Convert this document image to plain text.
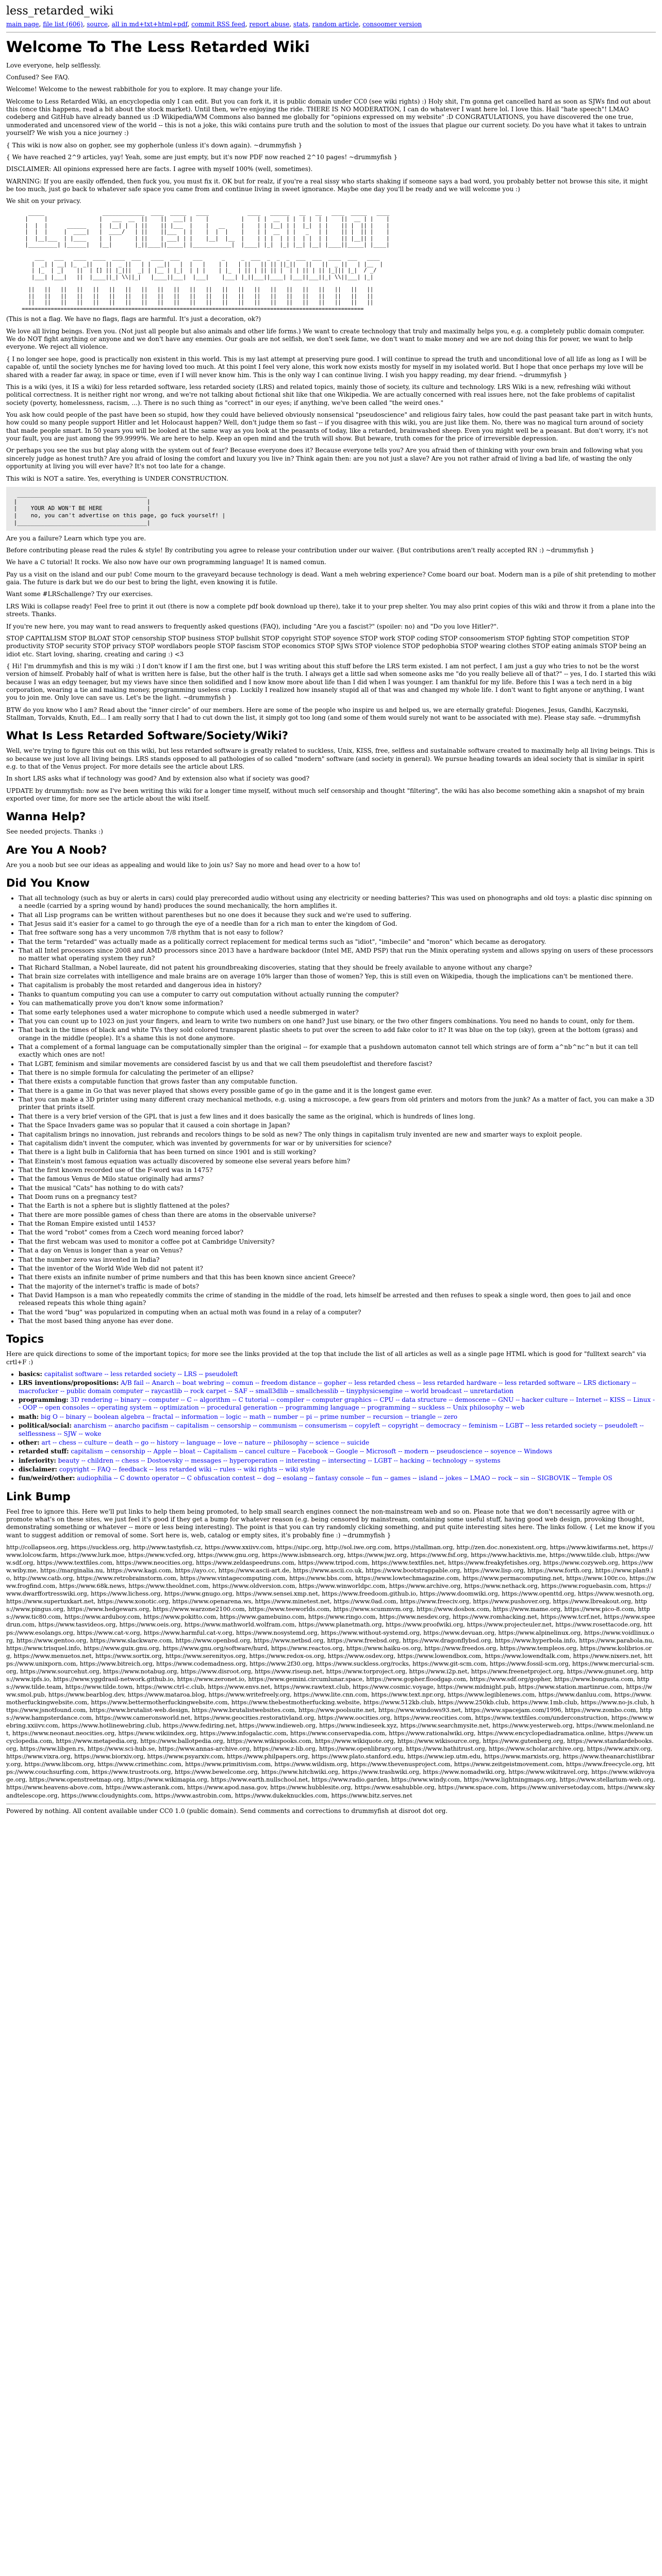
less_retarded_wiki
main page, file list (606), source, all in md+txt+html+pdf, commit RSS feed, report abuse, stats, random article, consoomer version
Welcome To The Less Retarded Wiki

Love everyone, help selflessly.

Confused? See FAQ.

Welcome! Welcome to the newest rabbithole for you to explore. It may change your life.

Welcome to Less Retarded Wiki, an encyclopedia only I can edit. But you can fork it, it is public domain under CC0 (see wiki rights) :) Holy shit, I'm gonna get cancelled hard as soon as SJWs find out about this (once this happens, read a bit about the stock market). Until then, we're enjoying the ride. THERE IS NO MODERATION, I can do whatever I want here lol. I love this. Hail "hate speech"! LMAO codeberg and GitHub have already banned us :D Wikipedia/WM Commons also banned me globally for "opinions expressed on my website" :D CONGRATULATIONS, you have discovered the one true, unmoderated and uncensored view of the world -- this is not a joke, this wiki contains pure truth and the solution to most of the issues that plague our current society. Do you have what it takes to untrain yourself? We wish you a nice journey :)

{ This wiki is now also on gopher, see my gopherhole (unless it's down again). ~drummyfish }

{ We have reached 2^9 articles, yay! Yeah, some are just empty, but it's now PDF now reached 2^10 pages! ~drummyfish }

DISCLAIMER: All opinions expressed here are facts. I agree with myself 100% (well, sometimes).

WARNING: If you are easily offended, then fuck you, you must fix it. OK but for realz, if you're a real sissy who starts shaking if someone says a bad word, you probably better not browse this site, it might be too much, just go back to whatever safe space you came from and continue living in sweet ignorance. Maybe one day you'll be ready and we will welcome you :)

We shit on your privacy.

_____                  _____________  ____  _____   ____            ____   ______   __   __   ____  _____   ____
|     |                |   ___  __  ||    ||  ___| |    |          |    | |  __  | |  | |  | |    ||  __ | |    |
|  |  |      ______    |  |__| |  | ||    || |___  |    |   __     |    | | |__| | |  |_|  | |    || |  || |    |
|  |  |     |  ____|   |  ____/   | ||    ||___  | |    |  |  |    |    | |  __  | |   _   | |    || |  || |    |
|  |__|___  | |____    |  |       | ||    | ___| | |    |__|  |__  |    | | |  | | |  | |  | |    || |__|| |    |
|_________| |______|   |__|       |_||____||_____| |____________|  |____| |_|  |_| |__| |__| |____||_____| |____|

___   ___   ____  ____  ____  ___   ____  ___    ___      _     _  ___  _  _  _  ___  ___  ____  ___   ____
|  _| | __| |_  _||    ||  _ ||   | |  __||   |  |   |    | |   | ||   || || ||_||   ||   ||  _ ||   | |__  |
| |_  | _|    ||  | [] || |_|||  _| | |__ | |_|  | | |    | |_  | || | || || |  | | || | || |_||| |_|  / _/
|___| |___|   ||  |____||_| \\||_|   |____||___|  |___|    |___| |_||___||____| |___||___||_| \\||___| |_|

||   ||   ||   ||   ||   ||   ||   ||   ||   ||   ||   ||   ||   ||   ||   ||   ||   ||   ||   ||   ||   ||
||   ||   ||   ||   ||   ||   ||   ||   ||   ||   ||   ||   ||   ||   ||   ||   ||   ||   ||   ||   ||   ||
||   ||   ||   ||   ||   ||   ||   ||   ||   ||   ||   ||   ||   ||   ||   ||   ||   ||   ||   ||   ||   ||
==========================================================================================================

(This is not a flag. We have no flags, flags are harmful. It's just a decoration, ok?)

We love all living beings. Even you. (Not just all people but also animals and other life forms.) We want to create technology that truly and maximally helps you, e.g. a completely public domain computer. We do NOT fight anything or anyone and we don't have any enemies. Our goals are not selfish, we don't seek fame, we don't want to make money and we are not doing this for power, we want to help everyone. We reject all violence.

{ I no longer see hope, good is practically non existent in this world. This is my last attempt at preserving pure good. I will continue to spread the truth and unconditional love of all life as long as I will be capable of, until the society lynches me for having loved too much. At this point I feel very alone, this work now exists mostly for myself in my isolated world. But I hope that once perhaps my love will be shared with a reader far away, in space or time, even if I will never know him. This is the only way I can continue living. I wish you happy reading, my dear friend. ~drummyfish }

This is a wiki (yes, it IS a wiki) for less retarded software, less retarded society (LRS) and related topics, mainly those of society, its culture and technology. LRS Wiki is a new, refreshing wiki without political correctness. It is neither right nor wrong, and we're not talking about fictional shit like that one Wikipedia. We are actually concerned with real issues here, not the fake problems of capitalist society (poverty, homelessness, racism, ...). There is no such thing as "correct" in our eyes; if anything, we've been called "the weird ones."

You ask how could people of the past have been so stupid, how they could have believed obviously nonsensical "pseudoscience" and religious fairy tales, how could the past peasant take part in witch hunts, how could so many people support Hitler and let Holocaust happen? Well, don't judge them so fast -- if you disagree with this wiki, you are just like them. No, there was no magical turn around of society that made people smart. In 50 years you will be looked at the same way as you look at the peasants of today, like a retarded, brainwashed sheep. Even you might well be a peasant. But don't worry, it's not your fault, you are just among the 99.9999%. We are here to help. Keep an open mind and the truth will show. But beware, truth comes for the price of irreversible depression.

Or perhaps you see the sus but play along with the system out of fear? Because everyone does it? Because everyone tells you? Are you afraid then of thinking with your own brain and following what you sincerely judge as honest truth? Are you afraid of losing the comfort and luxury you live in? Think again then: are you not just a slave? Are you not rather afraid of living a bad life, of wasting the only opportunity at living you will ever have? It's not too late for a change.

This wiki is NOT a satire. Yes, everything is UNDER CONSTRUCTION.

______________________________________
|                                      |
|    YOUR AD WON'T BE HERE             |
|    no, you can't advertise on this page, go fuck yourself! |
|______________________________________|

Are you a failure? Learn which type you are.

Before contributing please read the rules & style! By contributing you agree to release your contribution under our waiver. {But contributions aren't really accepted RN :) ~drummyfish }

We have a C tutorial! It rocks. We also now have our own programming language! It is named comun.

Pay us a visit on the island and our pub! Come mourn to the graveyard because technology is dead. Want a meh webring experience? Come board our boat. Modern man is a pile of shit pretending to mother gaia. The future is dark but we do our best to bring the light, even knowing it is futile.

Want some #LRSchallenge? Try our exercises.

LRS Wiki is collapse ready! Feel free to print it out (there is now a complete pdf book download up there), take it to your prep shelter. You may also print copies of this wiki and throw it from a plane into the streets. Thanks.

If you're new here, you may want to read answers to frequently asked questions (FAQ), including "Are you a fascist?" (spoiler: no) and "Do you love Hitler?".

STOP CAPITALISM STOP BLOAT STOP censorship STOP business STOP bullshit STOP copyright STOP soyence STOP work STOP coding STOP consoomerism STOP fighting STOP competition STOP productivity STOP security STOP privacy STOP wordlabors people STOP fascism STOP economics STOP SJWs STOP violence STOP pedophobia STOP wearing clothes STOP eating animals STOP being an idiot etc. Start loving, sharing, creating and caring :) <3

{ Hi! I'm drummyfish and this is my wiki :) I don't know if I am the first one, but I was writing about this stuff before the LRS term existed. I am not perfect, I am just a guy who tries to not be the worst version of himself. Probably half of what is written here is false, but the other half is the truth. I always get a little sad when someone asks me "do you really believe all of that?" -- yes, I do. I started this wiki because I was an edgy teenager, but my views have since then solidified and I now know more about life than I did when I was younger. I am thankful for my life. Before this I was a tech nerd in a big corporation, wearing a tie and making money, programming useless crap. Luckily I realized how insanely stupid all of that was and changed my whole life. I don't want to fight anyone or anything, I want you to join me. Only love can save us. Let's be the light. ~drummyfish }

BTW do you know who I am? Read about the "inner circle" of our members. Here are some of the people who inspire us and helped us, we are eternally grateful: Diogenes, Jesus, Gandhi, Kaczynski, Stallman, Torvalds, Knuth, Ed... I am really sorry that I had to cut down the list, it simply got too long (and some of them would surely not want to be associated with me). Please stay safe. ~drummyfish

What Is Less Retarded Software/Society/Wiki?

Well, we're trying to figure this out on this wiki, but less retarded software is greatly related to suckless, Unix, KISS, free, selfless and sustainable software created to maximally help all living beings. This is so because we just love all living beings. LRS stands opposed to all pathologies of so called "modern" software (and society in general). We pursue heading towards an ideal society that is similar in spirit e.g. to that of the Venus project. For more details see the article about LRS.

In short LRS asks what if technology was good? And by extension also what if society was good?

UPDATE by drummyfish: now as I've been writing this wiki for a longer time myself, without much self censorship and thought "filtering", the wiki has also become something akin a snapshot of my brain exported over time, for more see the article about the wiki itself.

Wanna Help?

See needed projects. Thanks :)

Are You A Noob?

Are you a noob but see our ideas as appealing and would like to join us? Say no more and head over to a how to!

Did You Know
• That all technology (such as buy or alerts in cars) could play prerecorded audio without using any electricity or needing batteries? This was used on phonographs and old toys: a plastic disc spinning on a needle (carried by a spring wound by hand) produces the sound mechanically, the horn amplifies it.
• That all Lisp programs can be written without parentheses but no one does it because they suck and we're used to suffering.
• That Jesus said it's easier for a camel to go through the eye of a needle than for a rich man to enter the kingdom of God.
• That free software song has a very uncommon 7/8 rhythm that is not easy to follow?
• That the term "retarded" was actually made as a politically correct replacement for medical terms such as "idiot", "imbecile" and "moron" which became as derogatory.
• That all Intel processors since 2008 and AMD processors since 2013 have a hardware backdoor (Intel ME, AMD PSP) that run the Minix operating system and allows spying on users of these processors no matter what operating system they run?
• That Richard Stallman, a Nobel laureate, did not patent his groundbreaking discoveries, stating that they should be freely available to anyone without any charge?
• That brain size correlates with intelligence and male brains are on average 10% larger than those of women? Yep, this is still even on Wikipedia, though the implications can't be mentioned there.
• That capitalism is probably the most retarded and dangerous idea in history?
• Thanks to quantum computing you can use a computer to carry out computation without actually running the computer?
• You can mathematically prove you don't know some information?
• That some early telephones used a water microphone to compute which used a needle submerged in water?
• That you can count up to 1023 on just your fingers, and learn to write two numbers on one hand? Just use binary, or the two other fingers combinations. You need no hands to count, only for them.
• That back in the times of black and white TVs they sold colored transparent plastic sheets to put over the screen to add fake color to it? It was blue on the top (sky), green at the bottom (grass) and orange in the middle (people). It's a shame this is not done anymore.
• That a complement of a formal language can be computationally simpler than the original -- for example that a pushdown automaton cannot tell which strings are of form a^nb^nc^n but it can tell exactly which ones are not!
• That LGBT, feminism and similar movements are considered fascist by us and that we call them pseudoleftist and therefore fascist?
• That there is no simple formula for calculating the perimeter of an ellipse?
• That there exists a computable function that grows faster than any computable function.
• That there is a game in Go that was never played that shows every possible game of go in the game and it is the longest game ever.
• That you can make a 3D printer using many different crazy mechanical methods, e.g. using a microscope, a few gears from old printers and motors from the junk? As a matter of fact, you can make a 3D printer that prints itself.
• That there is a very brief version of the GPL that is just a few lines and it does basically the same as the original, which is hundreds of lines long.
• That the Space Invaders game was so popular that it caused a coin shortage in Japan?
• That capitalism brings no innovation, just rebrands and recolors things to be sold as new? The only things in capitalism truly invented are new and smarter ways to exploit people.
• That capitalism didn't invent the computer, which was invented by governments for war or by universities for science?
• That there is a light bulb in California that has been turned on since 1901 and is still working?
• That Einstein's most famous equation was actually discovered by someone else several years before him?
• That the first known recorded use of the F-word was in 1475?
• That the famous Venus de Milo statue originally had arms?
• That the musical "Cats" has nothing to do with cats?
• That Doom runs on a pregnancy test?
• That the Earth is not a sphere but is slightly flattened at the poles?
• That there are more possible games of chess than there are atoms in the observable universe?
• That the Roman Empire existed until 1453?
• That the word "robot" comes from a Czech word meaning forced labor?
• That the first webcam was used to monitor a coffee pot at Cambridge University?
• That a day on Venus is longer than a year on Venus?
• That the number zero was invented in India?
• That the inventor of the World Wide Web did not patent it?
• That there exists an infinite number of prime numbers and that this has been known since ancient Greece?
• That the majority of the internet's traffic is made of bots?
• That David Hampson is a man who repeatedly commits the crime of standing in the middle of the road, lets himself be arrested and then refuses to speak a single word, then goes to jail and once released repeats this whole thing again?
• That the word "bug" was popularized in computing when an actual moth was found in a relay of a computer?
• That the most based thing anyone has ever done.
Topics

Here are quick directions to some of the important topics; for more see the links provided at the top that include the list of all articles as well as a single page HTML which is good for "fulltext search" via crtl+F :)

• basics: capitalist software -- less retarded society -- LRS -- pseudoleft
• LRS inventions/propositions: A/B fail -- Anarch -- boat webring -- comun -- freedom distance -- gopher -- less retarded chess -- less retarded hardware -- less retarded software -- LRS dictionary -- macrofucker -- public domain computer -- raycastlib -- rock carpet -- SAF -- small3dlib -- smallchesslib -- tinyphysicsengine -- world broadcast -- unretardation
• programming: 3D rendering -- binary -- computer -- C -- algorithm -- C tutorial -- compiler -- computer graphics -- CPU -- data structure -- demoscene -- GNU -- hacker culture -- Internet -- KISS -- Linux -- OOP -- open consoles -- operating system -- optimization -- procedural generation -- programming language -- programming -- suckless -- Unix philosophy -- web
• math: big O -- binary -- boolean algebra -- fractal -- information -- logic -- math -- number -- pi -- prime number -- recursion -- triangle -- zero
• political/social: anarchism -- anarcho pacifism -- capitalism -- censorship -- communism -- consumerism -- copyleft -- copyright -- democracy -- feminism -- LGBT -- less retarded society -- pseudoleft -- selflessness -- SJW -- woke
• other: art -- chess -- culture -- death -- go -- history -- language -- love -- nature -- philosophy -- science -- suicide
• retarded stuff: capitalism -- censorship -- Apple -- bloat -- Capitalism -- cancel culture -- Facebook -- Google -- Microsoft -- modern -- pseudoscience -- soyence -- Windows
• inferiority: beauty -- children -- chess -- Dostoevsky -- messages -- hyperoperation -- interesting -- intersecting -- LGBT -- hacking -- technology -- systems
• disclaimer: copyright -- FAQ -- feedback -- less retarded wiki -- rules -- wiki rights -- wiki style
• fun/weird/other: audiophilia -- C downto operator -- C obfuscation contest -- dog -- esolang -- fantasy console -- fun -- games -- island -- jokes -- LMAO -- rock -- sin -- SIGBOVIK -- Temple OS
Link Bump

Feel free to ignore this. Here we'll put links to help them being promoted, to help small search engines connect the non-mainstream web and so on. Please note that we don't necessarily agree with or promote what's on these sites, we just feel it's good if they get a bump for whatever reason (e.g. being censored by mainstream, containing some useful stuff, having good web design, provoking thought, demonstrating something or whatever -- more or less being interesting). The point is that you can try randomly clicking something, and put quite interesting sites here. The links follow. { Let me know if you want to suggest addition or removal of some. Sort here is, web, catalog or empty sites, it's probably fine :) ~drummyfish }

http://collapseos.org, https://suckless.org, http://www.tastyfish.cz, https://www.xxiivv.com, https://sipc.org, http://sol.iwe.org.com, https://stallman.org, http://zen.doc.nonexistent.org, https://www.kiwifarms.net, https://www.lolcow.farm, https://www.lurk.moe, https://www.vcfed.org, https://www.gnu.org, https://www.isbnsearch.org, https://www.jwz.org, https://www.fsf.org, https://www.hacktivis.me, https://www.tilde.club, https://www.sdf.org, https://www.textfiles.com, https://www.neocities.org, https://www.zeldaspeedruns.com, https://www.tripod.com, https://www.textfiles.net, https://www.freakyfetishes.org, https://www.cozyweb.org, https://www.wiby.me, https://marginalia.nu, https://www.kagi.com, https://ayo.cc, https://www.ascii-art.de, https://www.ascii.co.uk, https://www.bootstrappable.org, https://www.lisp.org, https://www.forth.org, https://www.plan9.io, http://www.catb.org, https://www.retrobrainstorm.com, https://www.vintagecomputing.com, https://www.bbs.com, https://www.lowtechmagazine.com, https://www.permacomputing.net, https://www.100r.co, https://www.frogfind.com, https://www.68k.news, https://www.theoldnet.com, https://www.oldversion.com, https://www.winworldpc.com, https://www.archive.org, https://www.nethack.org, https://www.roguebasin.com, https://www.dwarffortresswiki.org, https://www.lichess.org, https://www.gnugo.org, https://www.sensei.xmp.net, https://www.freedoom.github.io, https://www.doomwiki.org, https://www.openttd.org, https://www.wesnoth.org, https://www.supertuxkart.net, https://www.xonotic.org, https://www.openarena.ws, https://www.minetest.net, https://www.0ad.com, https://www.freeciv.org, https://www.pushover.org, https://www.lbreakout.org, https://www.pingus.org, https://www.hedgewars.org, https://www.warzone2100.com, https://www.teeworlds.com, https://www.scummvm.org, https://www.dosbox.com, https://www.mame.org, https://www.pico-8.com, https://www.tic80.com, https://www.arduboy.com, https://www.pokitto.com, https://www.gamebuino.com, https://www.ringo.com, https://www.nesdev.org, https://www.romhacking.net, https://www.tcrf.net, https://www.speedrun.com, https://www.tasvideos.org, https://www.oeis.org, https://www.mathworld.wolfram.com, https://www.planetmath.org, https://www.proofwiki.org, https://www.projecteuler.net, https://www.rosettacode.org, https://www.esolangs.org, https://www.cat-v.org, https://www.harmful.cat-v.org, https://www.nosystemd.org, https://www.without-systemd.org, https://www.devuan.org, https://www.alpinelinux.org, https://www.voidlinux.org, https://www.gentoo.org, https://www.slackware.com, https://www.openbsd.org, https://www.netbsd.org, https://www.freebsd.org, https://www.dragonflybsd.org, https://www.hyperbola.info, https://www.parabola.nu, https://www.trisquel.info, https://www.guix.gnu.org, https://www.gnu.org/software/hurd, https://www.reactos.org, https://www.haiku-os.org, https://www.freedos.org, https://www.templeos.org, https://www.kolibrios.org, https://www.menuetos.net, https://www.sortix.org, https://www.serenityos.org, https://www.redox-os.org, https://www.osdev.org, https://www.lowendbox.com, https://www.lowendtalk.com, https://www.nixers.net, https://www.unixporn.com, https://www.bitreich.org, https://www.codemadness.org, https://www.2f30.org, https://www.suckless.org/rocks, https://www.git-scm.com, https://www.fossil-scm.org, https://www.mercurial-scm.org, https://www.sourcehut.org, https://www.notabug.org, https://www.disroot.org, https://www.riseup.net, https://www.torproject.org, https://www.i2p.net, https://www.freenetproject.org, https://www.gnunet.org, https://www.ipfs.io, https://www.yggdrasil-network.github.io, https://www.zeronet.io, https://www.gemini.circumlunar.space, https://www.gopher.floodgap.com, https://www.sdf.org/gopher, https://www.bongusta.com, https://www.tilde.team, https://www.tilde.town, https://www.ctrl-c.club, https://www.envs.net, https://www.rawtext.club, https://www.cosmic.voyage, https://www.midnight.pub, https://www.station.martinrue.com, https://www.smol.pub, https://www.bearblog.dev, https://www.mataroa.blog, https://www.writefreely.org, https://www.lite.cnn.com, https://www.text.npr.org, https://www.legiblenews.com, https://www.danluu.com, https://www.motherfuckingwebsite.com, https://www.bettermotherfuckingwebsite.com, https://www.thebestmotherfucking.website, https://www.512kb.club, https://www.250kb.club, https://www.1mb.club, https://www.no-js.club, https://www.jsnotfound.com, https://www.brutalist-web.design, https://www.brutalistwebsites.com, https://www.poolsuite.net, https://www.windows93.net, https://www.spacejam.com/1996, https://www.zombo.com, https://www.hampsterdance.com, https://www.cameronsworld.net, https://www.geocities.restorativland.org, https://www.oocities.org, https://www.reocities.com, https://www.textfiles.com/underconstruction, https://www.webring.xxiivv.com, https://www.hotlinewebring.club, https://www.fediring.net, https://www.indieweb.org, https://www.indieseek.xyz, https://www.searchmysite.net, https://www.yesterweb.org, https://www.melonland.net, https://www.neonaut.neocities.org, https://www.wikiindex.org, https://www.infogalactic.com, https://www.conservapedia.com, https://www.rationalwiki.org, https://www.encyclopediadramatica.online, https://www.uncyclopedia.com, https://www.metapedia.org, https://www.ballotpedia.org, https://www.wikispooks.com, https://www.wikiquote.org, https://www.wikisource.org, https://www.gutenberg.org, https://www.standardebooks.org, https://www.libgen.rs, https://www.sci-hub.se, https://www.annas-archive.org, https://www.z-lib.org, https://www.openlibrary.org, https://www.hathitrust.org, https://www.scholar.archive.org, https://www.arxiv.org, https://www.vixra.org, https://www.biorxiv.org, https://www.psyarxiv.com, https://www.philpapers.org, https://www.plato.stanford.edu, https://www.iep.utm.edu, https://www.marxists.org, https://www.theanarchistlibrary.org, https://www.libcom.org, https://www.crimethinc.com, https://www.primitivism.com, https://www.wildism.org, https://www.thevenusproject.com, https://www.zeitgeistmovement.com, https://www.freecycle.org, https://www.couchsurfing.com, https://www.trustroots.org, https://www.bewelcome.org, https://www.hitchwiki.org, https://www.trashwiki.org, https://www.nomadwiki.org, https://www.wikitravel.org, https://www.wikivoyage.org, https://www.openstreetmap.org, https://www.wikimapia.org, https://www.earth.nullschool.net, https://www.radio.garden, https://www.windy.com, https://www.lightningmaps.org, https://www.stellarium-web.org, https://www.heavens-above.com, https://www.asterank.com, https://www.apod.nasa.gov, https://www.hubblesite.org, https://www.esahubble.org, https://www.space.com, https://www.universetoday.com, https://www.skyandtelescope.org, https://www.cloudynights.com, https://www.astrobin.com, https://www.dukeknuckles.com, https://www.bitz.serves.net

Powered by nothing. All content available under CC0 1.0 (public domain). Send comments and corrections to drummyfish at disroot dot org.
